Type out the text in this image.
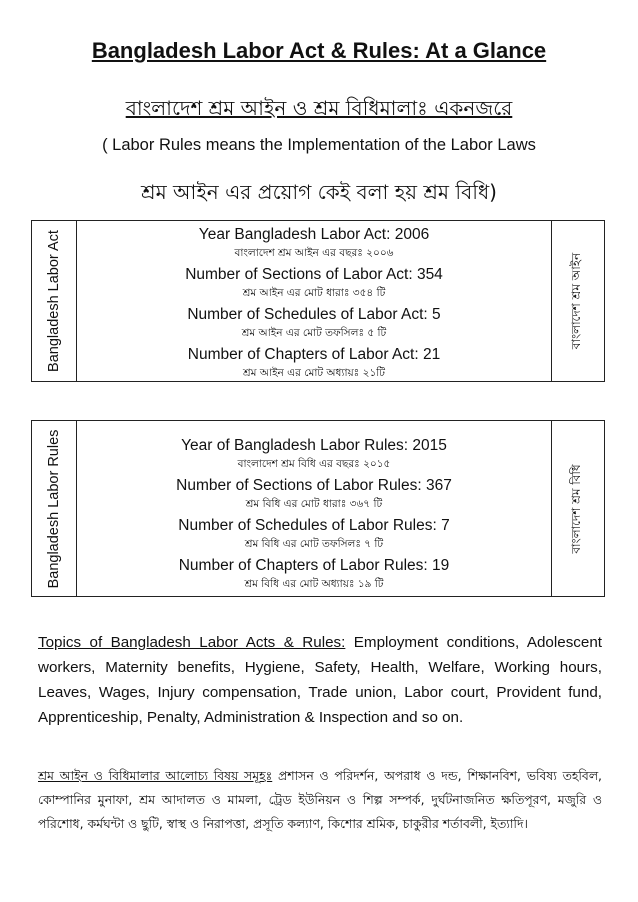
Bangladesh Labor Act & Rules: At a Glance
বাংলাদেশ শ্রম আইন ও শ্রম বিধিমালাঃ একনজরে
( Labor Rules means the Implementation of the Labor Laws
শ্রম আইন এর প্রয়োগ কেই বলা হয় শ্রম বিধি)
Bangladesh Labor Act	Year Bangladesh Labor Act: 2006

বাংলাদেশ শ্রম আইন এর বছরঃ ২০০৬

Number of Sections of Labor Act: 354

শ্রম আইন এর মোট ধারাঃ ৩৫৪ টি

Number of Schedules of Labor Act: 5

শ্রম আইন এর মোট তফসিলঃ ৫ টি

Number of Chapters of Labor Act: 21

শ্রম আইন এর মোট অধ্যায়ঃ ২১টি

বাংলাদেশ শ্রম আইন
Bangladesh Labor Rules	Year of Bangladesh Labor Rules: 2015

বাংলাদেশ শ্রম বিধি এর বছরঃ ২০১৫

Number of Sections of Labor Rules: 367

শ্রম বিধি এর মোট ধারাঃ ৩৬৭ টি

Number of Schedules of Labor Rules: 7

শ্রম বিধি এর মোট তফসিলঃ ৭ টি

Number of Chapters of Labor Rules: 19

শ্রম বিধি এর মোট অধ্যায়ঃ ১৯ টি

বাংলাদেশ শ্রম বিধি
Topics of Bangladesh Labor Acts & Rules: Employment conditions, Adolescent workers, Maternity benefits, Hygiene, Safety, Health, Welfare, Working hours, Leaves, Wages, Injury compensation, Trade union, Labor court, Provident fund, Apprenticeship, Penalty, Administration & Inspection and so on.
শ্রম আইন ও বিধিমালার আলোচ্য বিষয় সমূহঃ প্রশাসন ও পরিদর্শন, অপরাধ ও দন্ড, শিক্ষানবিশ, ভবিষ্য তহবিল, কোম্পানির মুনাফা, শ্রম আদালত ও মামলা, ট্রেড ইউনিয়ন ও শিল্প সম্পর্ক, দুর্ঘটনাজনিত ক্ষতিপূরণ, মজুরি ও পরিশোধ, কর্মঘন্টা ও ছুটি, স্বাস্থ ও নিরাপত্তা, প্রসূতি কল্যাণ, কিশোর শ্রমিক, চাকুরীর শর্তাবলী, ইত্যাদি।
